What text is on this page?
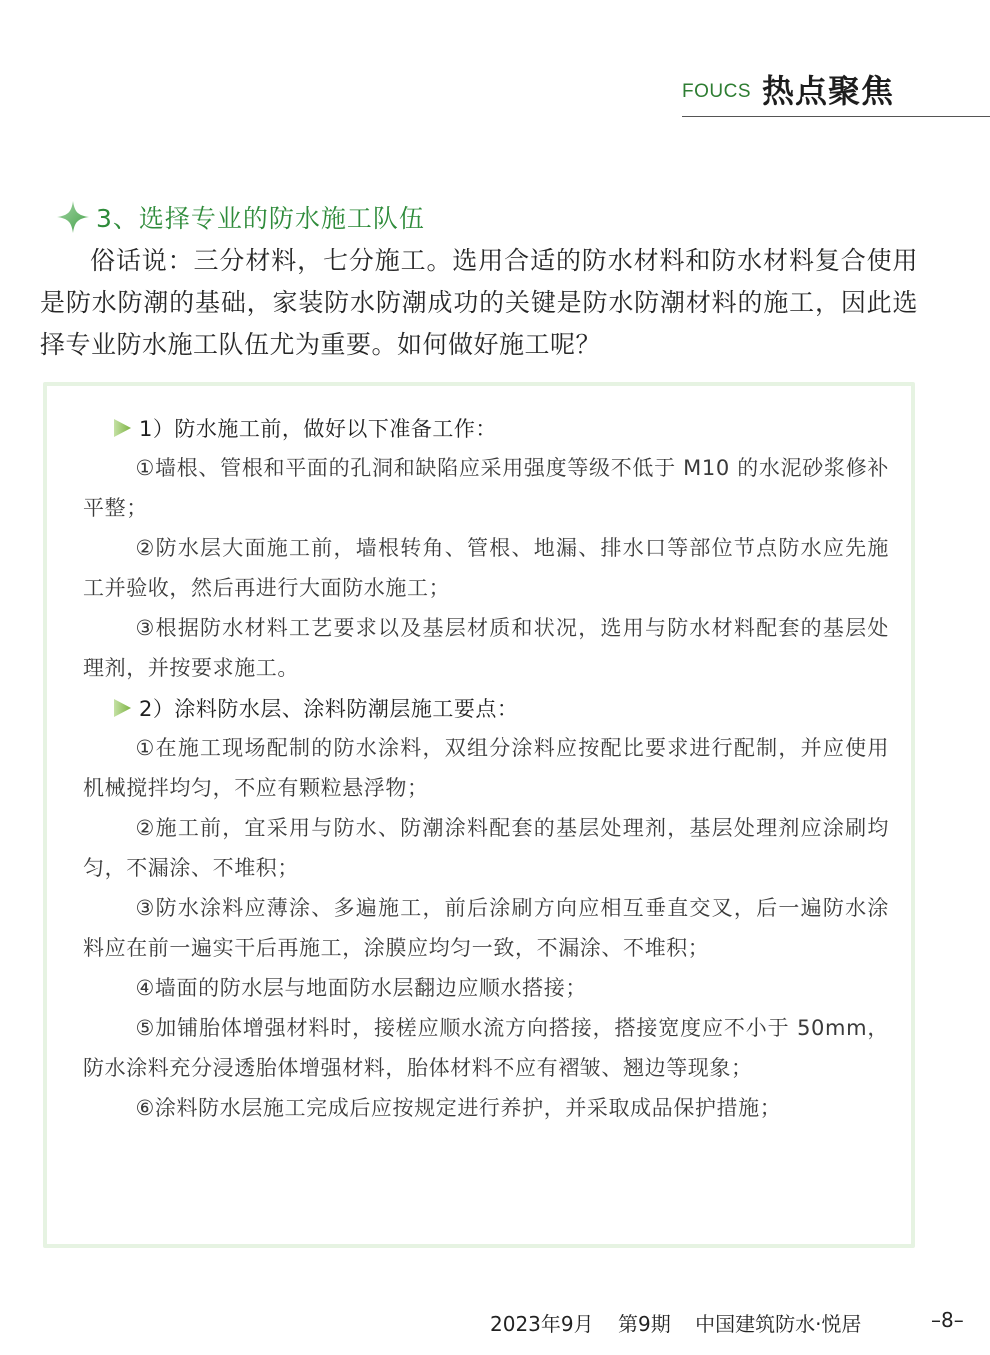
FOUCS 热点聚焦
3、选择专业的防水施工队伍

俗话说：三分材料，七分施工。选用合适的防水材料和防水材料复合使用是防水防潮的基础，家装防水防潮成功的关键是防水防潮材料的施工，因此选择专业防水施工队伍尤为重要。如何做好施工呢？

1）防水施工前，做好以下准备工作：

①墙根、管根和平面的孔洞和缺陷应采用强度等级不低于 M10 的水泥砂浆修补平整；

②防水层大面施工前，墙根转角、管根、地漏、排水口等部位节点防水应先施工并验收，然后再进行大面防水施工；

③根据防水材料工艺要求以及基层材质和状况，选用与防水材料配套的基层处理剂，并按要求施工。

2）涂料防水层、涂料防潮层施工要点：

①在施工现场配制的防水涂料，双组分涂料应按配比要求进行配制，并应使用机械搅拌均匀，不应有颗粒悬浮物；

②施工前，宜采用与防水、防潮涂料配套的基层处理剂，基层处理剂应涂刷均匀，不漏涂、不堆积；

③防水涂料应薄涂、多遍施工，前后涂刷方向应相互垂直交叉，后一遍防水涂料应在前一遍实干后再施工，涂膜应均匀一致，不漏涂、不堆积；

④墙面的防水层与地面防水层翻边应顺水搭接；

⑤加铺胎体增强材料时，接槎应顺水流方向搭接，搭接宽度应不小于 50mm，防水涂料充分浸透胎体增强材料，胎体材料不应有褶皱、翘边等现象；

⑥涂料防水层施工完成后应按规定进行养护，并采取成品保护措施；

2023年9月 第9期 中国建筑防水·悦居	–8–
